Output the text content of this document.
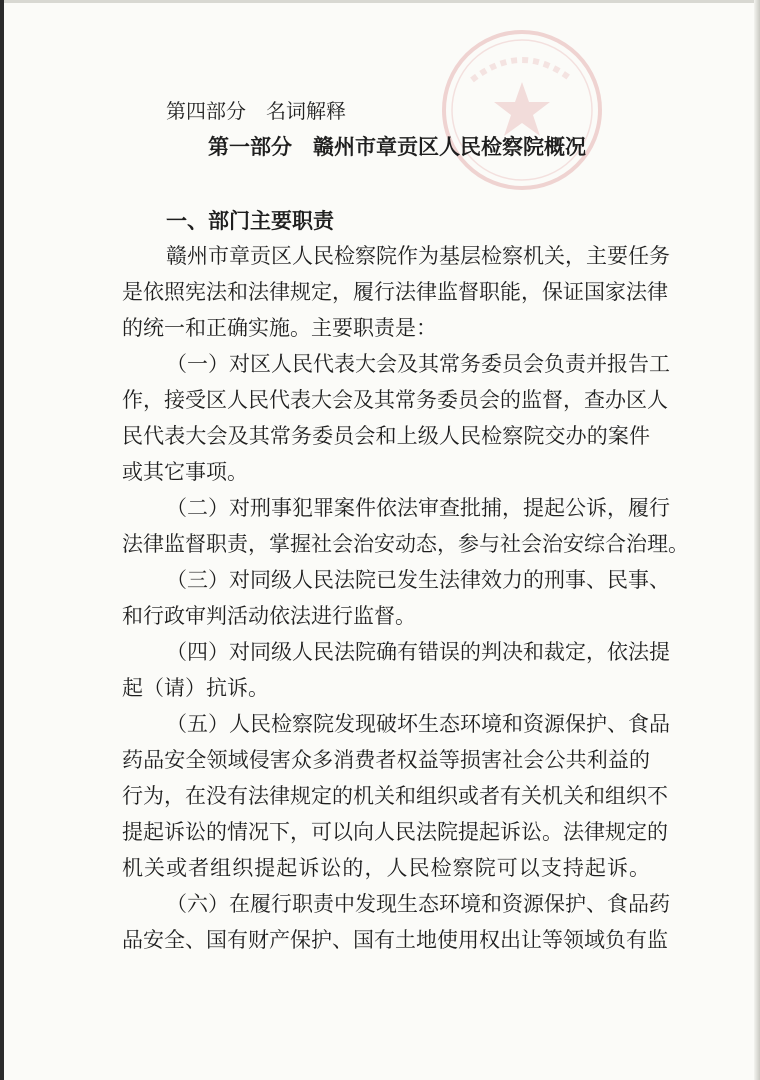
第四部分　名词解释
第一部分　赣州市章贡区人民检察院概况
一、部门主要职责
赣州市章贡区人民检察院作为基层检察机关，主要任务
是依照宪法和法律规定，履行法律监督职能，保证国家法律
的统一和正确实施。主要职责是：
（一）对区人民代表大会及其常务委员会负责并报告工
作，接受区人民代表大会及其常务委员会的监督，查办区人
民代表大会及其常务委员会和上级人民检察院交办的案件
或其它事项。
（二）对刑事犯罪案件依法审查批捕，提起公诉，履行
法律监督职责，掌握社会治安动态，参与社会治安综合治理。
（三）对同级人民法院已发生法律效力的刑事、民事、
和行政审判活动依法进行监督。
（四）对同级人民法院确有错误的判决和裁定，依法提
起（请）抗诉。
（五）人民检察院发现破坏生态环境和资源保护、食品
药品安全领域侵害众多消费者权益等损害社会公共利益的
行为，在没有法律规定的机关和组织或者有关机关和组织不
提起诉讼的情况下，可以向人民法院提起诉讼。法律规定的
机关或者组织提起诉讼的，人民检察院可以支持起诉。
（六）在履行职责中发现生态环境和资源保护、食品药
品安全、国有财产保护、国有土地使用权出让等领域负有监
